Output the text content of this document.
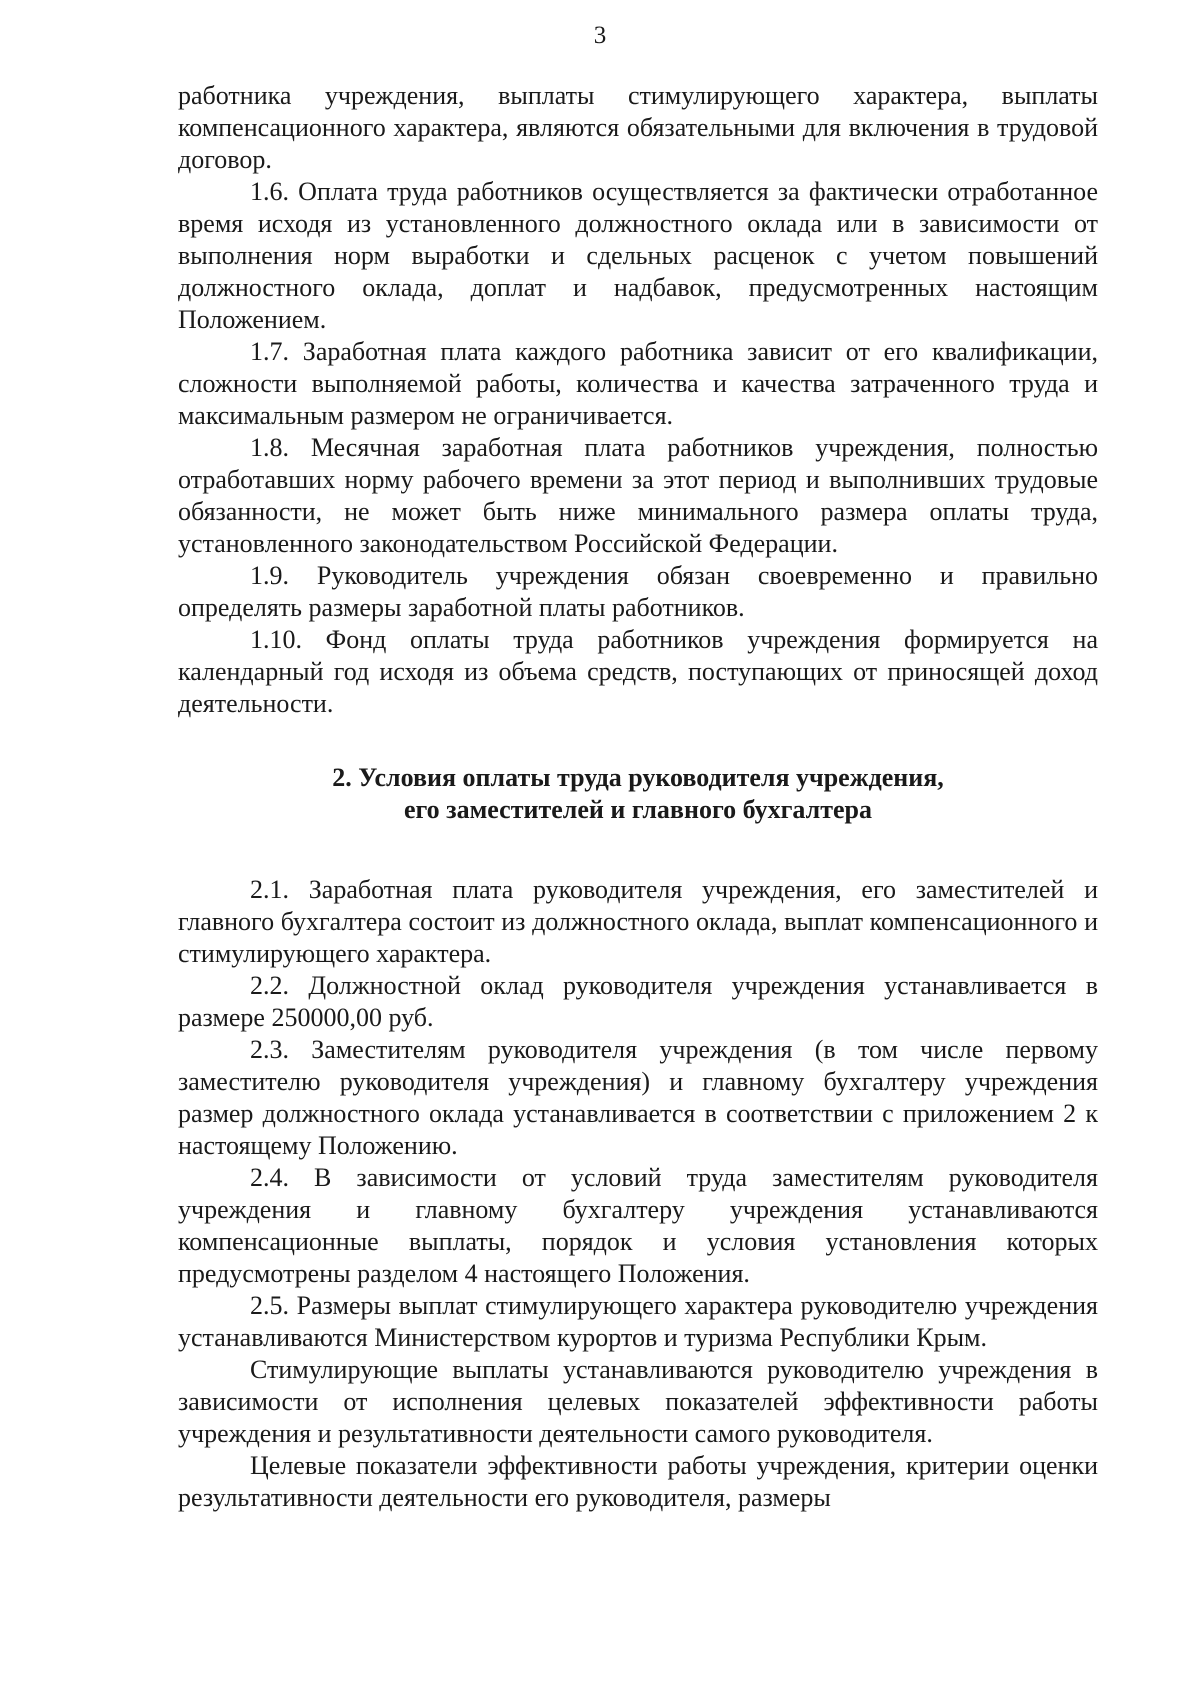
3

работника учреждения, выплаты стимулирующего характера, выплаты компенсационного характера, являются обязательными для включения в трудовой договор.

1.6. Оплата труда работников осуществляется за фактически отработанное время исходя из установленного должностного оклада или в зависимости от выполнения норм выработки и сдельных расценок с учетом повышений должностного оклада, доплат и надбавок, предусмотренных настоящим Положением.

1.7. Заработная плата каждого работника зависит от его квалификации, сложности выполняемой работы, количества и качества затраченного труда и максимальным размером не ограничивается.

1.8. Месячная заработная плата работников учреждения, полностью отработавших норму рабочего времени за этот период и выполнивших трудовые обязанности, не может быть ниже минимального размера оплаты труда, установленного законодательством Российской Федерации.

1.9. Руководитель учреждения обязан своевременно и правильно определять размеры заработной платы работников.

1.10. Фонд оплаты труда работников учреждения формируется на календарный год исходя из объема средств, поступающих от приносящей доход деятельности.

2. Условия оплаты труда руководителя учреждения,
его заместителей и главного бухгалтера

2.1. Заработная плата руководителя учреждения, его заместителей и главного бухгалтера состоит из должностного оклада, выплат компенсационного и стимулирующего характера.

2.2. Должностной оклад руководителя учреждения устанавливается в размере 250000,00 руб.

2.3. Заместителям руководителя учреждения (в том числе первому заместителю руководителя учреждения) и главному бухгалтеру учреждения размер должностного оклада устанавливается в соответствии с приложением 2 к настоящему Положению.

2.4. В зависимости от условий труда заместителям руководителя учреждения и главному бухгалтеру учреждения устанавливаются компенсационные выплаты, порядок и условия установления которых предусмотрены разделом 4 настоящего Положения.

2.5. Размеры выплат стимулирующего характера руководителю учреждения устанавливаются Министерством курортов и туризма Республики Крым.

Стимулирующие выплаты устанавливаются руководителю учреждения в зависимости от исполнения целевых показателей эффективности работы учреждения и результативности деятельности самого руководителя.

Целевые показатели эффективности работы учреждения, критерии оценки результативности деятельности его руководителя, размеры
